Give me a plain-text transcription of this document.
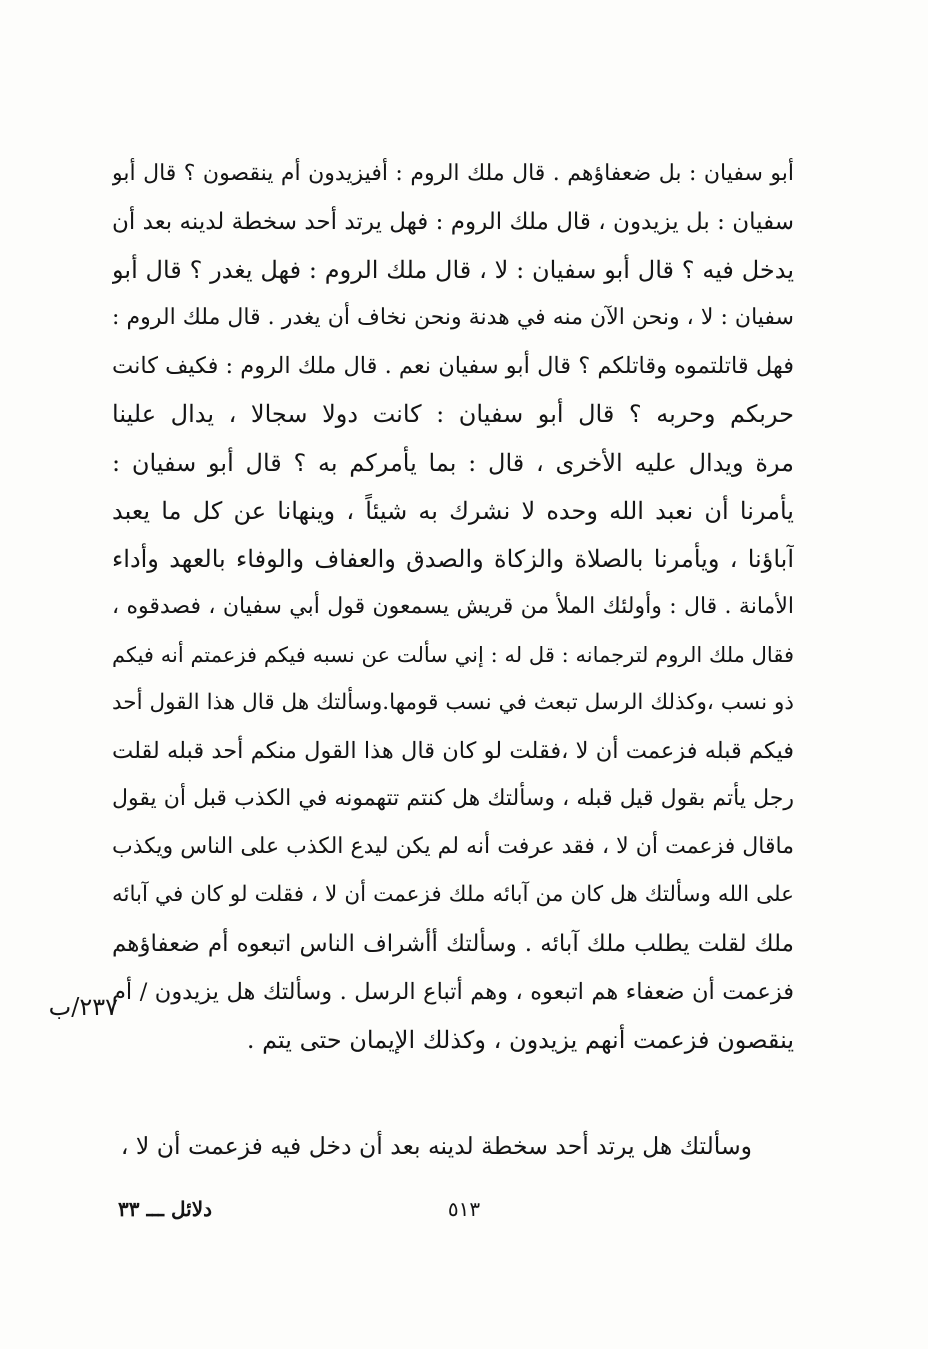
أبو سفيان : بل ضعفاؤهم . قال ملك الروم : أفيزيدون أم ينقصون ؟ قال أبو
سفيان : بل يزيدون ، قال ملك الروم : فهل يرتد أحد سخطة لدينه بعد أن
يدخل فيه ؟ قال أبو سفيان : لا ، قال ملك الروم : فهل يغدر ؟ قال أبو
سفيان : لا ، ونحن الآن منه في هدنة ونحن نخاف أن يغدر . قال ملك الروم :
فهل قاتلتموه وقاتلكم ؟ قال أبو سفيان نعم . قال ملك الروم : فكيف كانت
حربكم وحربه ؟ قال أبو سفيان : كانت دولا سجالا ، يدال علينا
مرة ويدال عليه الأخرى ، قال : بما يأمركم به ؟ قال أبو سفيان :
يأمرنا أن نعبد الله وحده لا نشرك به شيئاً ، وينهانا عن كل ما يعبد
آباؤنا ، ويأمرنا بالصلاة والزكاة والصدق والعفاف والوفاء بالعهد وأداء
الأمانة . قال : وأولئك الملأ من قريش يسمعون قول أبي سفيان ، فصدقوه ،
فقال ملك الروم لترجمانه : قل له : إني سألت عن نسبه فيكم فزعمتم أنه فيكم
ذو نسب ،وكذلك الرسل تبعث في نسب قومها.وسألتك هل قال هذا القول أحد
فيكم قبله فزعمت أن لا ،فقلت لو كان قال هذا القول منكم أحد قبله لقلت
رجل يأتم بقول قيل قبله ، وسألتك هل كنتم تتهمونه في الكذب قبل أن يقول
ماقال فزعمت أن لا ، فقد عرفت أنه لم يكن ليدع الكذب على الناس ويكذب
على الله وسألتك هل كان من آبائه ملك فزعمت أن لا ، فقلت لو كان في آبائه
ملك لقلت يطلب ملك آبائه . وسألتك أأشراف الناس اتبعوه أم ضعفاؤهم
فزعمت أن ضعفاء هم اتبعوه ، وهم أتباع الرسل . وسألتك هل يزيدون / أم
ينقصون فزعمت أنهم يزيدون ، وكذلك الإيمان حتى يتم .
وسألتك هل يرتد أحد سخطة لدينه بعد أن دخل فيه فزعمت أن لا ،
٢٣٧/ب
٥١٣
دلائل ـــ ٣٣
